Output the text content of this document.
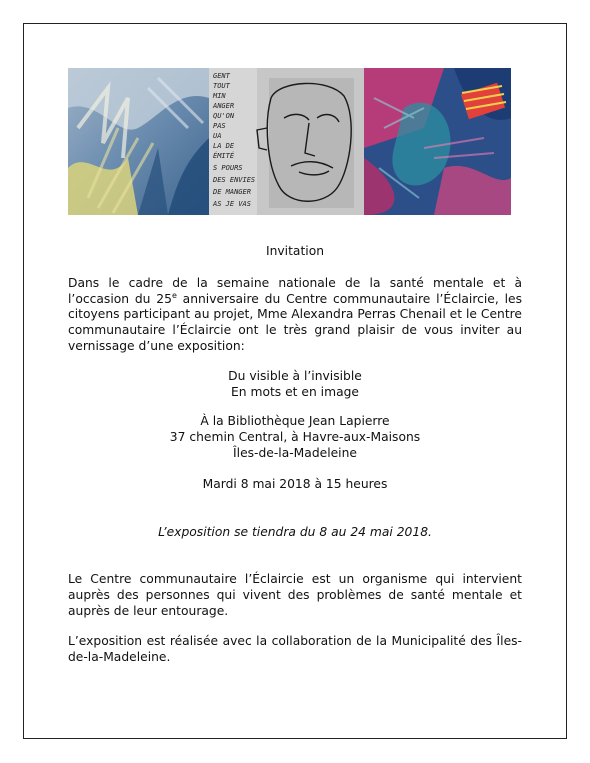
GENT
TOUT
MIN
ANGER
QU'ON
PAS
UA
LA DE
ÉMITÉ
S POURS
DES ENVIES
DE MANGER
AS JE VAS

Invitation

Dans le cadre de la semaine nationale de la santé mentale et à l’occasion du 25e anniversaire du Centre communautaire l’Éclaircie, les citoyens participant au projet, Mme Alexandra Perras Chenail et le Centre communautaire l’Éclaircie ont le très grand plaisir de vous inviter au vernissage d’une exposition:

Du visible à l’invisible

En mots et en image

À la Bibliothèque Jean Lapierre

37 chemin Central, à Havre-aux-Maisons

Îles-de-la-Madeleine

Mardi 8 mai 2018 à 15 heures

L’exposition se tiendra du 8 au 24 mai 2018.

Le Centre communautaire l’Éclaircie est un organisme qui intervient auprès des personnes qui vivent des problèmes de santé mentale et auprès de leur entourage.

L’exposition est réalisée avec la collaboration de la Municipalité des Îles-de-la-Madeleine.
